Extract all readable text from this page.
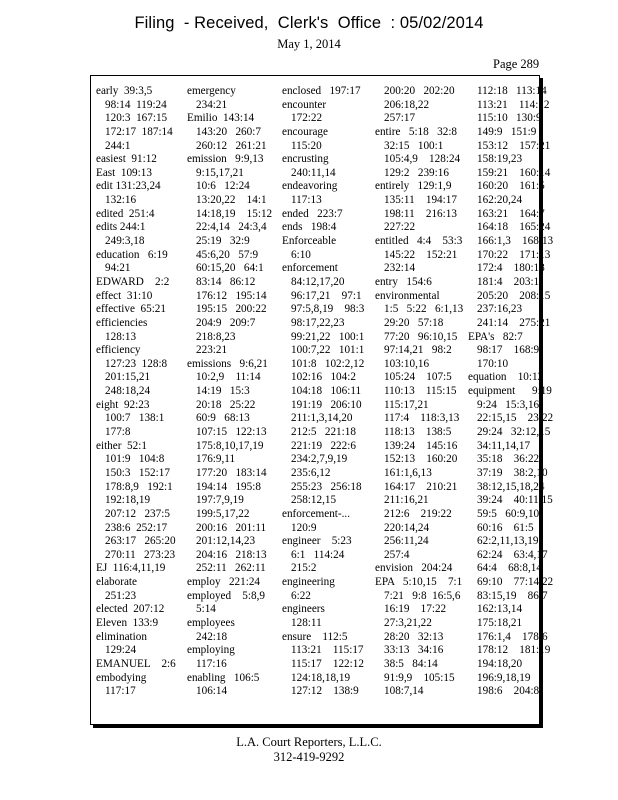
Filing  - Received,  Clerk's  Office  : 05/02/2014
May 1, 2014
Page 289
early  39:3,5
98:14  119:24
120:3  167:15
172:17  187:14
244:1
easiest  91:12
East  109:13
edit 131:23,24
132:16
edited  251:4
edits 244:1
249:3,18
education   6:19
94:21
EDWARD    2:2
effect  31:10
effective  65:21
efficiencies
128:13
efficiency
127:23  128:8
201:15,21
248:18,24
eight  92:23
100:7   138:1
177:8
either  52:1
101:9   104:8
150:3   152:17
178:8,9   192:1
192:18,19
207:12   237:5
238:6  252:17
263:17   265:20
270:11   273:23
EJ  116:4,11,19
elaborate
251:23
elected  207:12
Eleven  133:9
elimination
129:24
EMANUEL    2:6
embodying
117:17
emergency
234:21
Emilio  143:14
143:20   260:7
260:12   261:21
emission   9:9,13
9:15,17,21
10:6   12:24
13:20,22    14:1
14:18,19    15:12
22:4,14   24:3,4
25:19   32:9
45:6,20   57:9
60:15,20   64:1
83:14   86:12
176:12   195:14
195:15   200:22
204:9   209:7
218:8,23
223:21
emissions   9:6,21
10:2,9    11:14
14:19   15:3
20:18   25:22
60:9   68:13
107:15   122:13
175:8,10,17,19
176:9,11
177:20   183:14
194:14   195:8
197:7,9,19
199:5,17,22
200:16   201:11
201:12,14,23
204:16   218:13
252:11   262:11
employ   221:24
employed    5:8,9
5:14
employees
242:18
employing
117:16
enabling   106:5
106:14
enclosed   197:17
encounter
172:22
encourage
115:20
encrusting
240:11,14
endeavoring
117:13
ended   223:7
ends   198:4
Enforceable
6:10
enforcement
84:12,17,20
96:17,21    97:1
97:5,8,19    98:3
98:17,22,23
99:21,22   100:1
100:7,22   101:1
101:8   102:2,12
102:16   104:2
104:18   106:11
191:19   206:10
211:1,3,14,20
212:5   221:18
221:19   222:6
234:2,7,9,19
235:6,12
255:23   256:18
258:12,15
enforcement-...
120:9
engineer    5:23
6:1   114:24
215:2
engineering
6:22
engineers
128:11
ensure    112:5
113:21    115:17
115:17    122:12
124:18,18,19
127:12    138:9
200:20   202:20
206:18,22
257:17
entire   5:18   32:8
32:15   100:1
105:4,9    128:24
129:2   239:16
entirely   129:1,9
135:11    194:17
198:11    216:13
227:22
entitled   4:4    53:3
145:22    152:21
232:14
entry   154:6
environmental
1:5   5:22   6:1,13
29:20   57:18
77:20   96:10,15
97:14,21   98:2
103:10,16
105:24    107:5
110:13    115:15
115:17,21
117:4    118:3,13
118:13    138:5
139:24    145:16
152:13    160:20
161:1,6,13
164:17    210:21
211:16,21
212:6    219:22
220:14,24
256:11,24
257:4
envision   204:24
EPA   5:10,15    7:1
7:21   9:8  16:5,6
16:19    17:22
27:3,21,22
28:20   32:13
33:13   34:16
38:5   84:14
91:9,9    105:15
108:7,14
112:18   113:14
113:21    114:12
115:10   130:9
149:9   151:9
153:12    157:21
158:19,23
159:21    160:14
160:20    161:5
162:20,24
163:21    164:7
164:18    165:24
166:1,3    168:13
170:22    171:13
172:4    180:18
181:4    203:1
205:20    208:15
237:16,23
241:14    275:21
EPA's   82:7
98:17    168:9
170:10
equation    10:12
equipment      9:19
9:24   15:3,16
22:15,15    23:22
29:24   32:12,15
34:11,14,17
35:18    36:22
37:19    38:2,10
38:12,15,18,24
39:24    40:11,15
59:5   60:9,10
60:16    61:5
62:2,11,13,19
62:24    63:4,17
64:4    68:8,14
69:10    77:14,22
83:15,19    86:7
162:13,14
175:18,21
176:1,4    178:6
178:12    181:19
194:18,20
196:9,18,19
198:6    204:8
L.A. Court Reporters, L.L.C.
312-419-9292
